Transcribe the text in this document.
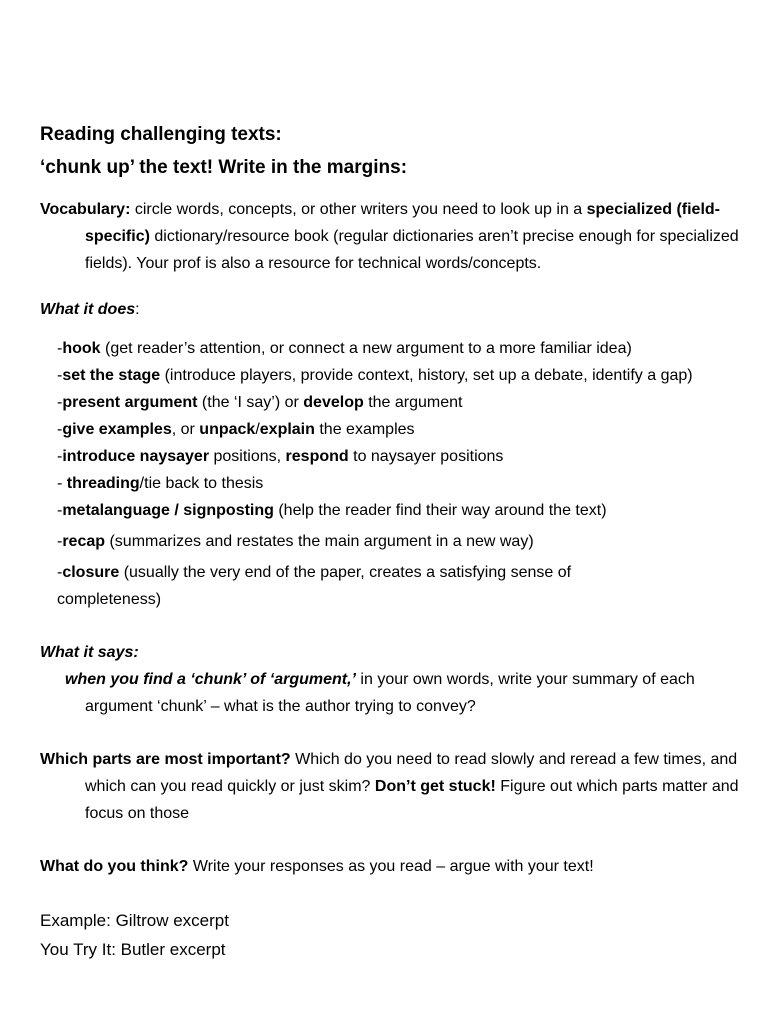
Reading challenging texts:
‘chunk up’ the text! Write in the margins:

Vocabulary: circle words, concepts, or other writers you need to look up in a specialized (field-specific) dictionary/resource book (regular dictionaries aren’t precise enough for specialized fields). Your prof is also a resource for technical words/concepts.

What it does:

-hook (get reader’s attention, or connect a new argument to a more familiar idea)

-set the stage (introduce players, provide context, history, set up a debate, identify a gap)

-present argument (the ‘I say’) or develop the argument

-give examples, or unpack/explain the examples

-introduce naysayer positions, respond to naysayer positions

- threading/tie back to thesis

-metalanguage / signposting (help the reader find their way around the text)

-recap (summarizes and restates the main argument in a new way)

-closure (usually the very end of the paper, creates a satisfying sense of completeness)

What it says:

when you find a ‘chunk’ of ‘argument,’ in your own words, write your summary of each argument ‘chunk’ – what is the author trying to convey?

Which parts are most important? Which do you need to read slowly and reread a few times, and which can you read quickly or just skim? Don’t get stuck! Figure out which parts matter and focus on those

What do you think? Write your responses as you read – argue with your text!

Example: Giltrow excerpt
You Try It: Butler excerpt
